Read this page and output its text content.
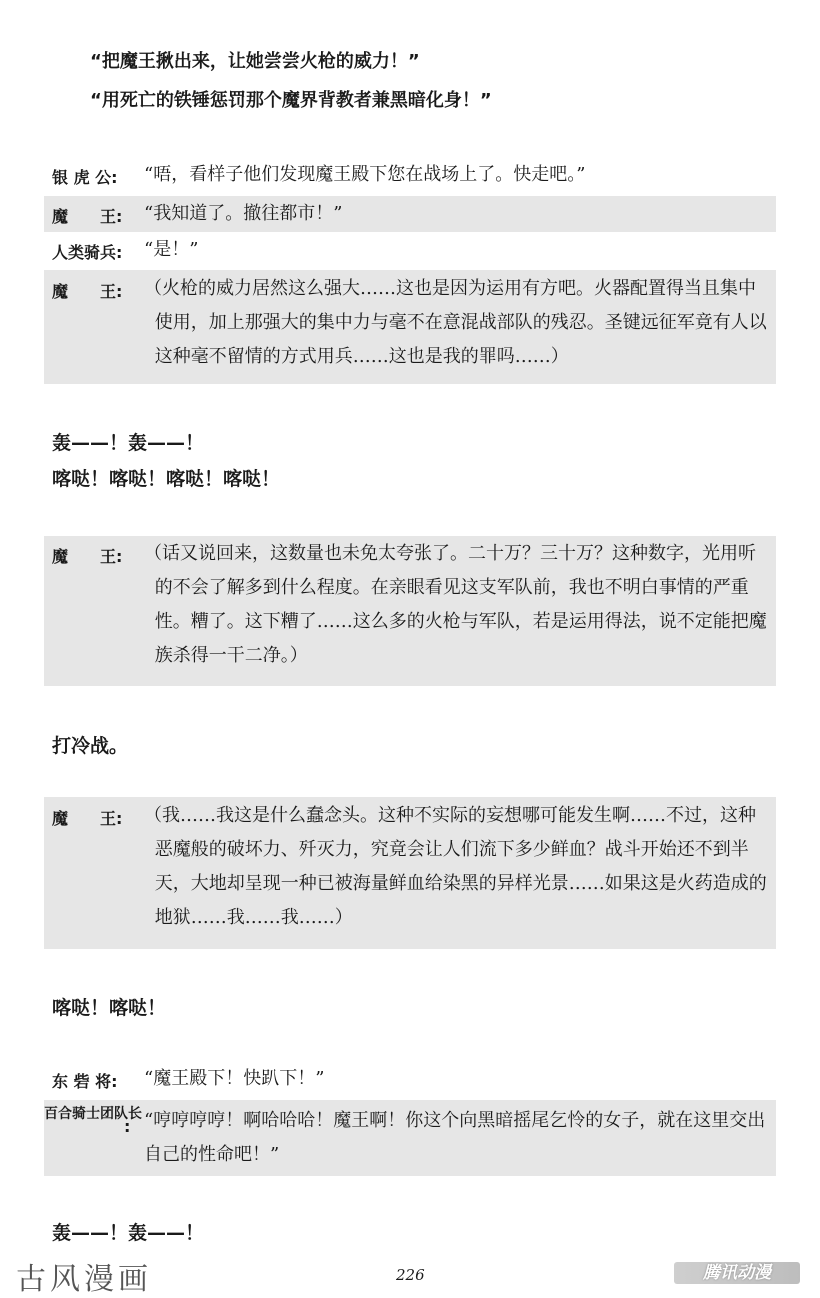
“把魔王揪出来，让她尝尝火枪的威力！”
“用死亡的铁锤惩罚那个魔界背教者兼黑暗化身！”
银 虎 公: “唔，看样子他们发现魔王殿下您在战场上了。快走吧。”
魔　　王: “我知道了。撤往都市！”
人类骑兵: “是！”
魔　　王: （火枪的威力居然这么强大……这也是因为运用有方吧。火器配置得当且集中使用，加上那强大的集中力与毫不在意混战部队的残忍。圣键远征军竟有人以这种毫不留情的方式用兵……这也是我的罪吗……）
轰——！轰——！
喀哒！喀哒！喀哒！喀哒！
魔　　王: （话又说回来，这数量也未免太夸张了。二十万？三十万？这种数字，光用听的不会了解多到什么程度。在亲眼看见这支军队前，我也不明白事情的严重性。糟了。这下糟了……这么多的火枪与军队，若是运用得法，说不定能把魔族杀得一干二净。）
打冷战。
魔　　王: （我……我这是什么蠢念头。这种不实际的妄想哪可能发生啊……不过，这种恶魔般的破坏力、歼灭力，究竟会让人们流下多少鲜血？战斗开始还不到半天，大地却呈现一种已被海量鲜血给染黑的异样光景……如果这是火药造成的地狱……我……我……）
喀哒！喀哒！
东 砦 将: “魔王殿下！快趴下！”
百合骑士团队长
: “哼哼哼哼！啊哈哈哈！魔王啊！你这个向黑暗摇尾乞怜的女子，就在这里交出自己的性命吧！”
轰——！轰——！
古风漫画	226	腾讯动漫
